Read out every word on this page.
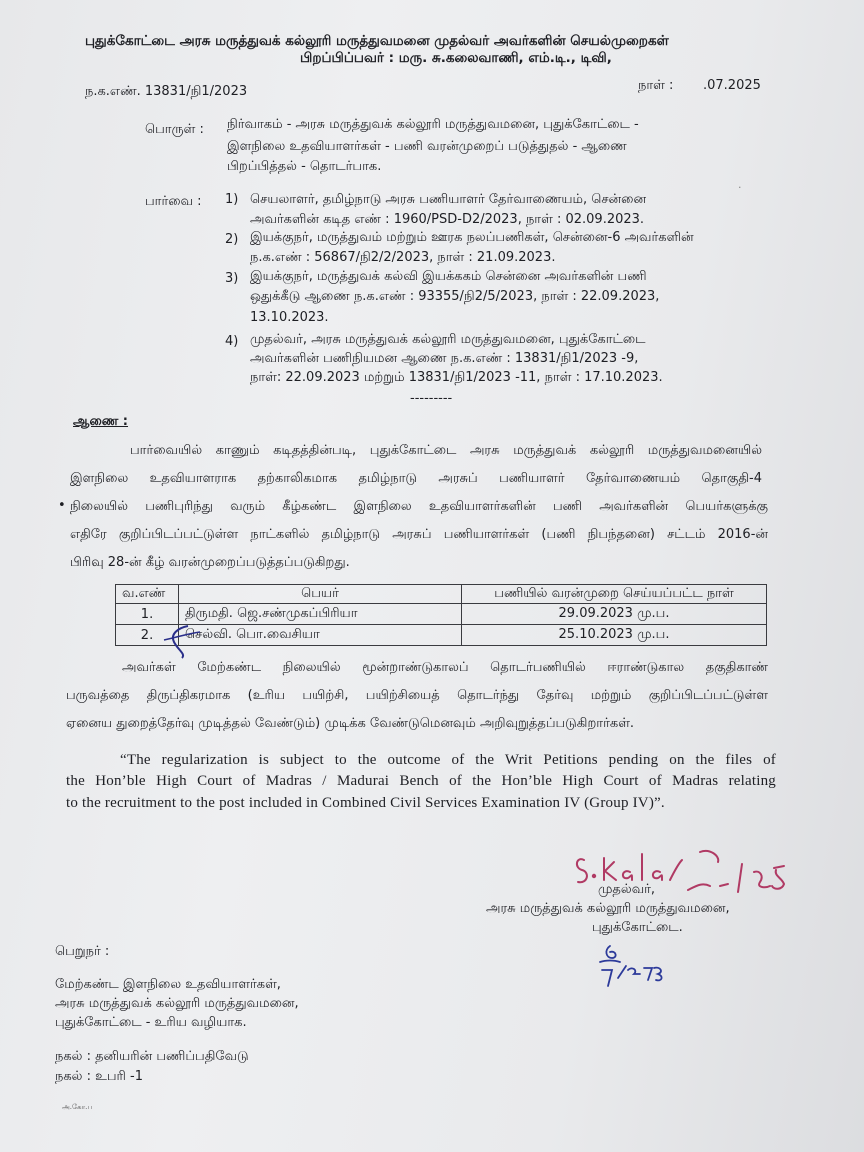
புதுக்கோட்டை அரசு மருத்துவக் கல்லூரி மருத்துவமனை முதல்வர் அவர்களின் செயல்முறைகள்
பிறப்பிப்பவர் : மரு. சு.கலைவாணி, எம்.டி., டிவி,
ந.க.எண். 13831/நி1/2023	நாள் : .07.2025
பொருள் : நிர்வாகம் - அரசு மருத்துவக் கல்லூரி மருத்துவமனை, புதுக்கோட்டை -
இளநிலை உதவியாளர்கள் - பணி வரன்முறைப் படுத்துதல் - ஆணை
பிறப்பித்தல் - தொடர்பாக.
பார்வை : 1) செயலாளர், தமிழ்நாடு அரசு பணியாளர் தேர்வாணையம், சென்னை
அவர்களின் கடித எண் : 1960/PSD-D2/2023, நாள் : 02.09.2023.
2) இயக்குநர், மருத்துவம் மற்றும் ஊரக நலப்பணிகள், சென்னை-6 அவர்களின்
ந.க.எண் : 56867/நி2/2/2023, நாள் : 21.09.2023.
3) இயக்குநர், மருத்துவக் கல்வி இயக்ககம் சென்னை அவர்களின் பணி
ஒதுக்கீடு ஆணை ந.க.எண் : 93355/நி2/5/2023, நாள் : 22.09.2023,
13.10.2023.
4) முதல்வர், அரசு மருத்துவக் கல்லூரி மருத்துவமனை, புதுக்கோட்டை
அவர்களின் பணிநியமன ஆணை ந.க.எண் : 13831/நி1/2023 -9,
நாள்: 22.09.2023 மற்றும் 13831/நி1/2023 -11, நாள் : 17.10.2023.
---------
ஆணை :
பார்வையில் காணும் கடிதத்தின்படி, புதுக்கோட்டை அரசு மருத்துவக் கல்லூரி மருத்துவமனையில்
இளநிலை உதவியாளராக தற்காலிகமாக தமிழ்நாடு அரசுப் பணியாளர் தேர்வாணையம் தொகுதி-4
• நிலையில் பணிபுரிந்து வரும் கீழ்கண்ட இளநிலை உதவியாளர்களின் பணி அவர்களின் பெயர்களுக்கு
எதிரே குறிப்பிடப்பட்டுள்ள நாட்களில் தமிழ்நாடு அரசுப் பணியாளர்கள் (பணி நிபந்தனை) சட்டம் 2016-ன்
பிரிவு 28-ன் கீழ் வரன்முறைப்படுத்தப்படுகிறது.
வ.எண்	பெயர்	பணியில் வரன்முறை செய்யப்பட்ட நாள்
1.	திருமதி. ஜெ.சண்முகப்பிரியா	29.09.2023 மு.ப.
2.	செல்வி. பொ.வைசியா	25.10.2023 மு.ப.
அவர்கள் மேற்கண்ட நிலையில் மூன்றாண்டுகாலப் தொடர்பணியில் ஈராண்டுகால தகுதிகாண்
பருவத்தை திருப்திகரமாக (உரிய பயிற்சி, பயிற்சியைத் தொடர்ந்து தேர்வு மற்றும் குறிப்பிடப்பட்டுள்ள
ஏனைய துறைத்தேர்வு முடித்தல் வேண்டும்) முடிக்க வேண்டுமெனவும் அறிவுறுத்தப்படுகிறார்கள்.
“The regularization is subject to the outcome of the Writ Petitions pending on the files of
the Hon’ble High Court of Madras / Madurai Bench of the Hon’ble High Court of Madras relating
to the recruitment to the post included in Combined Civil Services Examination IV (Group IV)”.
முதல்வர்,
அரசு மருத்துவக் கல்லூரி மருத்துவமனை,
புதுக்கோட்டை.
பெறுநர் :
மேற்கண்ட இளநிலை உதவியாளர்கள்,
அரசு மருத்துவக் கல்லூரி மருத்துவமனை,
புதுக்கோட்டை - உரிய வழியாக.
நகல் : தனியரின் பணிப்பதிவேடு
நகல் : உபரி -1
அ.கோ.ப
·
